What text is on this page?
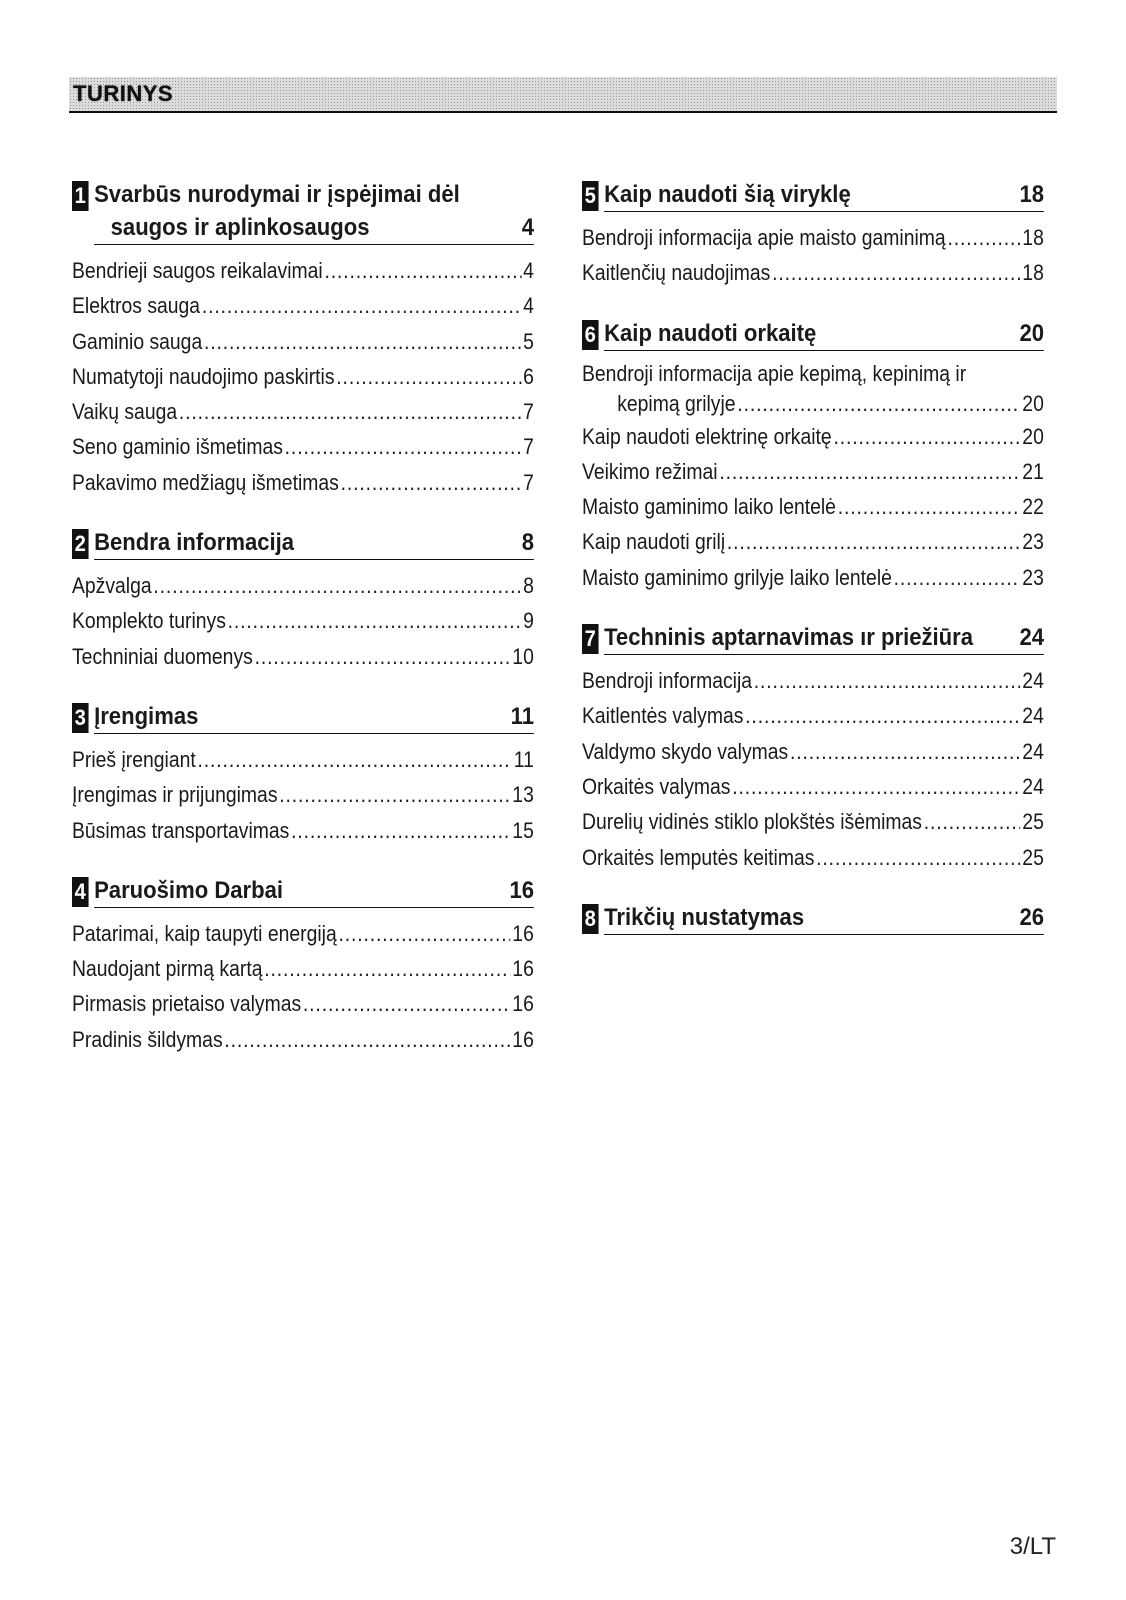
TURINYS
1 Svarbūs nurodymai ir įspėjimai dėl
saugos ir aplinkosaugos	4
Bendrieji saugos reikalavimai .....	4
Elektros sauga .....	4
Gaminio sauga .....	5
Numatytoji naudojimo paskirtis .....	6
Vaikų sauga .....	7
Seno gaminio išmetimas .....	7
Pakavimo medžiagų išmetimas .....	7
2 Bendra informacija	8
Apžvalga .....	8
Komplekto turinys .....	9
Techniniai duomenys .....	10
3 Įrengimas	11
Prieš įrengiant .....	11
Įrengimas ir prijungimas .....	13
Būsimas transportavimas .....	15
4 Paruošimo Darbai	16
Patarimai, kaip taupyti energiją .....	16
Naudojant pirmą kartą .....	16
Pirmasis prietaiso valymas .....	16
Pradinis šildymas .....	16
5 Kaip naudoti šią viryklę	18
Bendroji informacija apie maisto gaminimą .....	18
Kaitlenčių naudojimas .....	18
6 Kaip naudoti orkaitę	20
Bendroji informacija apie kepimą, kepinimą ir
kepimą grilyje .....	20
Kaip naudoti elektrinę orkaitę .....	20
Veikimo režimai .....	21
Maisto gaminimo laiko lentelė .....	22
Kaip naudoti grilį .....	23
Maisto gaminimo grilyje laiko lentelė .....	23
7 Techninis aptarnavimas ır priežiūra 24
Bendroji informacija .....	24
Kaitlentės valymas .....	24
Valdymo skydo valymas .....	24
Orkaitės valymas .....	24
Durelių vidinės stiklo plokštės išėmimas .....	25
Orkaitės lemputės keitimas .....	25
8 Trikčių nustatymas	26
3/LT
